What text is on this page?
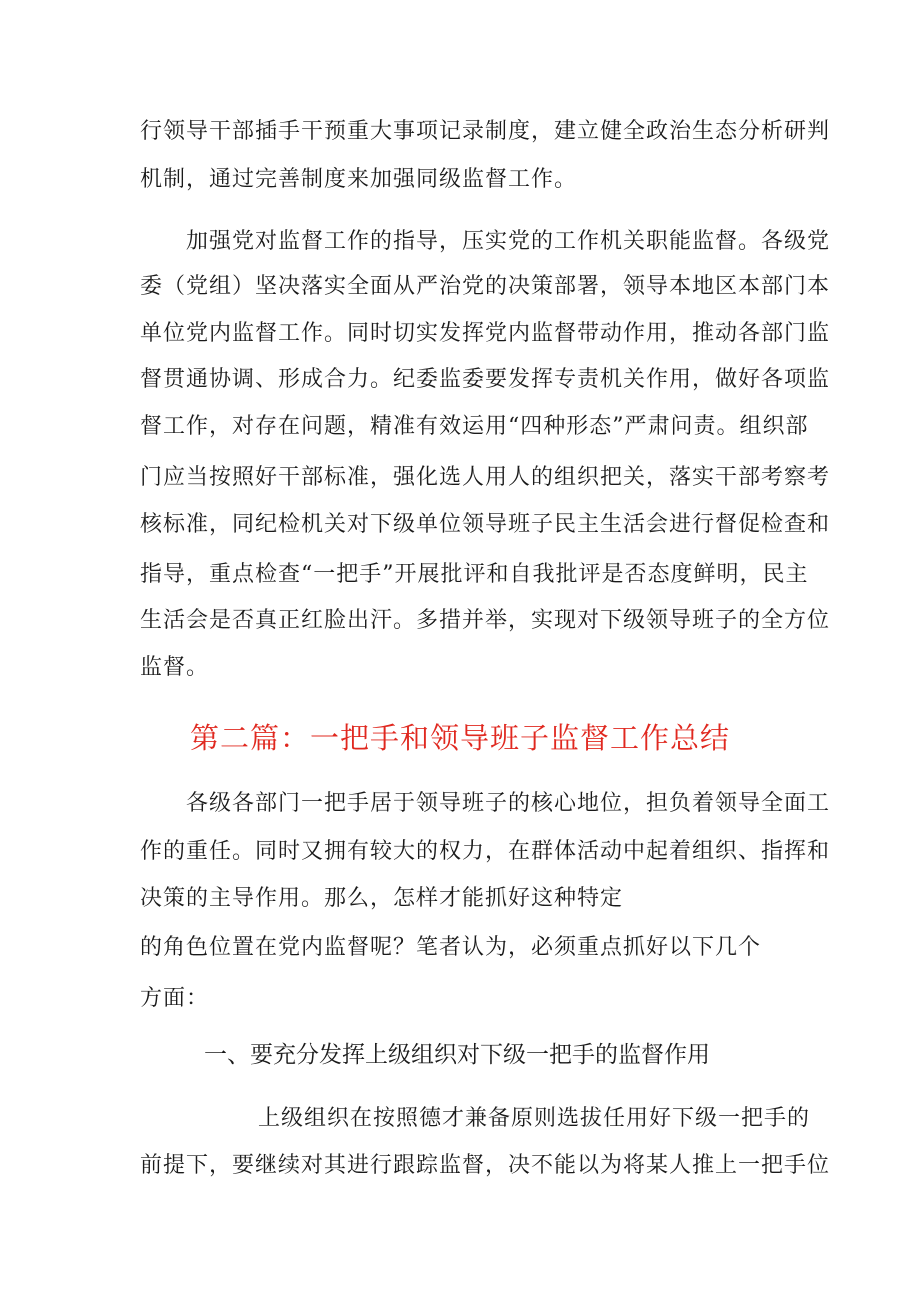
行领导干部插手干预重大事项记录制度，建立健全政治生态分析研判
机制，通过完善制度来加强同级监督工作。
加强党对监督工作的指导，压实党的工作机关职能监督。各级党
委（党组）坚决落实全面从严治党的决策部署，领导本地区本部门本
单位党内监督工作。同时切实发挥党内监督带动作用，推动各部门监
督贯通协调、形成合力。纪委监委要发挥专责机关作用，做好各项监
督工作，对存在问题，精准有效运用“四种形态”严肃问责。组织部
门应当按照好干部标准，强化选人用人的组织把关，落实干部考察考
核标准，同纪检机关对下级单位领导班子民主生活会进行督促检查和
指导，重点检查“一把手”开展批评和自我批评是否态度鲜明，民主
生活会是否真正红脸出汗。多措并举，实现对下级领导班子的全方位
监督。
第二篇：一把手和领导班子监督工作总结
各级各部门一把手居于领导班子的核心地位，担负着领导全面工
作的重任。同时又拥有较大的权力，在群体活动中起着组织、指挥和
决策的主导作用。那么，怎样才能抓好这种特定
的角色位置在党内监督呢？笔者认为，必须重点抓好以下几个
方面：
一、要充分发挥上级组织对下级一把手的监督作用
上级组织在按照德才兼备原则选拔任用好下级一把手的
前提下，要继续对其进行跟踪监督，决不能以为将某人推上一把手位
